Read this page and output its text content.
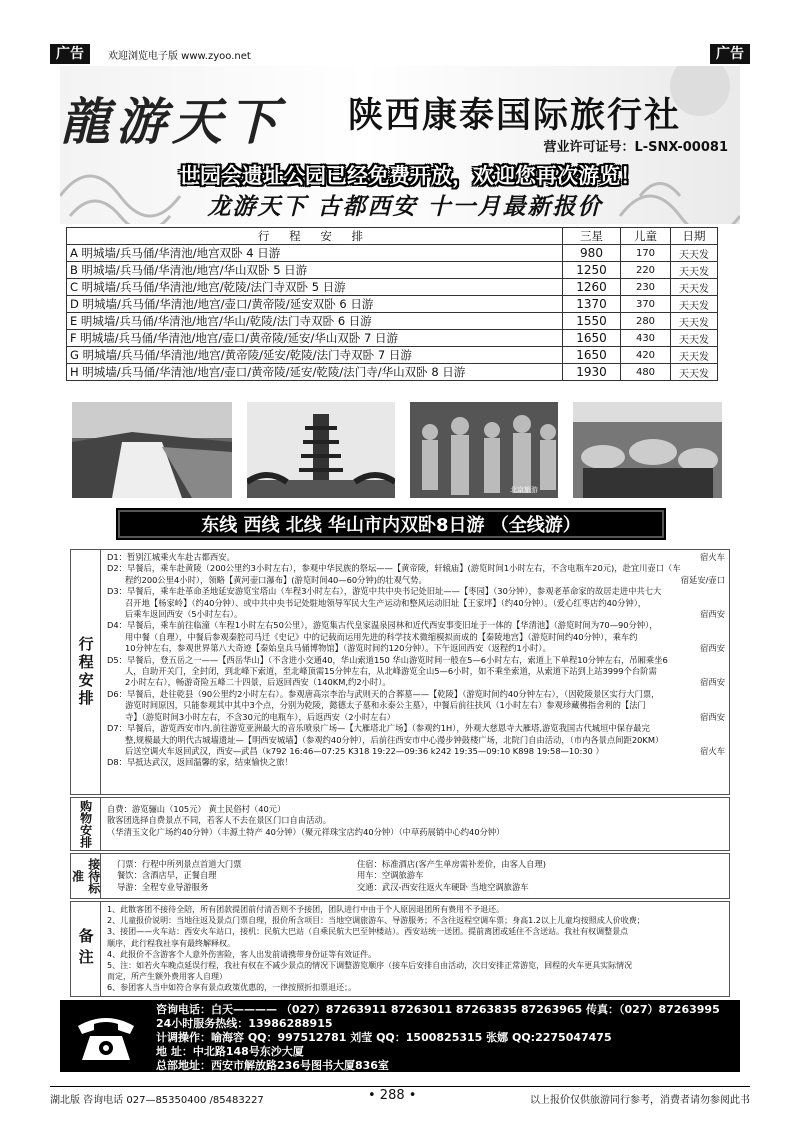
广告	欢迎浏览电子版 www.zyoo.net	广告
龍游天下 陕西康泰国际旅行社
营业许可证号：L-SNX-00081
世园会遗址公园已经免费开放，欢迎您再次游览！
龙游天下 古都西安 十一月最新报价
行 程 安 排	三星	儿童	日期
A 明城墙/兵马俑/华清池/地宫双卧 4 日游	980	170	天天发
B 明城墙/兵马俑/华清池/地宫/华山双卧 5 日游	1250	220	天天发
C 明城墙/兵马俑/华清池/地宫/乾陵/法门寺双卧 5 日游	1260	230	天天发
D 明城墙/兵马俑/华清池/地宫/壶口/黄帝陵/延安双卧 6 日游	1370	370	天天发
E 明城墙/兵马俑/华清池/地宫/华山/乾陵/法门寺双卧 6 日游	1550	280	天天发
F 明城墙/兵马俑/华清池/地宫/壶口/黄帝陵/延安/华山双卧 7 日游	1650	430	天天发
G 明城墙/兵马俑/华清池/地宫/黄帝陵/延安/乾陵/法门寺双卧 7 日游	1650	420	天天发
H 明城墙/兵马俑/华清池/地宫/壶口/黄帝陵/延安/乾陵/法门寺/华山双卧 8 日游	1930	480	天天发
北京旅游
东线 西线 北线 华山市内双卧8日游 （全线游）
行程安排

D1：暂别江城乘火车赴古都西安。	宿火车

D2：早餐后，乘车赴黄陵（200公里约3小时左右），参观中华民族的祭坛——【黄帝陵，轩辕庙】(游览时间1小时左右，不含电瓶车20元)，赴宜川壶口（车

程约200公里4小时），领略【黄河壶口瀑布】(游览时间40—60分钟)的壮观气势。	宿延安/壶口

D3：早餐后，乘车赴革命圣地延安游览宝塔山（车程3小时左右），游览中共中央书记处旧址——【枣园】（30分钟），参观老革命家的故居走进中共七大

召开地【杨家岭】（约40分钟）、或中共中央书记处駐地领导军民大生产运动和整风运动旧址【王家坪】（约40分钟）。（爱心红枣店约40分钟），

后乘车返回西安（5小时左右）。	宿西安

D4：早餐后，乘车前往临潼（车程1小时左右50公里），游览集古代皇家温泉园林和近代西安事变旧址于一体的【华清池】（游览时间为70—90分钟），

用中餐（自理），中餐后参观秦腔司马迁《史记》中的记载而运用先进的科学技术微缩模拟而成的【秦陵地宫】（游览时间约40分钟），乘车约

10分钟左右，参观世界第八大奇迹【秦始皇兵马俑博物馆】（游览时间约120分钟）。下午返回西安（返程约1小时）。	宿西安

D5：早餐后，登五岳之一——【西岳华山】（不含进小交通40，华山索道150 华山游览时间一般在5—6小时左右，索道上下单程10分钟左右，吊厢乘坐6

人，自助开关门，全封闭，到北峰下索道，至北峰顶需15分钟左右，从北峰游览全山5—6小时，如不乘坐索道，从索道下站到上站3999个台阶需

2小时左右），畅游奇险五峰二十四景，后返回西安（140KM,约2小时）。	宿西安

D6：早餐后，赴往乾县（90公里约2小时左右）。参观唐高宗李治与武则天的合葬墓——【乾陵】（游览时间约40分钟左右），（因乾陵景区实行大门票，

游览时间原因，只能参观其中其中3个点，分别为乾陵，懿德太子墓和永泰公主墓），中餐后前往扶风（1小时左右）参观珍藏佛指舍利的【法门

寺】（游览时间3小时左右，不含30元的电瓶车），后返西安（2小时左右）	宿西安

D7：早餐后，游览西安市内,前往游览亚洲最大的音乐喷泉广场—【大雁塔北广场】（参观约1H），外观大慈恩寺大雁塔,游览我国古代城垣中保存最完

整,规模最大的明代古城墙遗址—【明西安城墙】（参观约40分钟），后前往西安市中心漫步钟鼓楼广场，北院门自由活动，（市内各景点间距20KM）

后送空调火车返回武汉，西安—武昌（k792 16:46—07:25 K318 19:22—09:36 k242 19:35—09:10 K898 19:58—10:30 ）	宿火车

D8：早抵达武汉，返回温馨的家，结束愉快之旅！

购物安排 自费：游览骊山（105元） 黄土民俗村（40元）

散客团选择自费景点不同，若客人不去在景区门口自由活动。

（华清玉文化广场约40分钟）（丰源土特产 40分钟）（聚元祥珠宝店约40分钟）（中草药展销中心约40分钟）

接待标准

门票：行程中所列景点首道大门票

餐饮：含酒店早，正餐自理

导游：全程专业导游服务

住宿：标准酒店(客产生单房需补差价，由客人自理)

用车：空调旅游车

交通：武汉-西安往返火车硬卧 当地空调旅游车

备注

1、此散客团不接待全陪，所有团款提团前付清否则不予接团，团队进行中由于个人原因退团所有费用不予退还。

2、儿童报价说明：当地往返及景点门票自理，报价所含项目：当地空调旅游车、导游服务；不含往返程空调车票；身高1.2以上儿童均按照成人价收费；

3、接团——火车站：西安火车站口，接机：民航大巴站（自乘民航大巴至钟楼站）。西安站统一送团。提前离团或延住不含送站。我社有权调整景点

顺序，此行程我社享有最终解释权。

4、此报价不含游客个人意外伤害险，客人出发前请携带身份证等有效证件。

5、注：如若火车晚点延误行程，我社有权在不减少景点的情况下调整游览顺序（接车后安排自由活动，次日安排正常游览，回程的火车更具实际情况

而定，所产生额外费用客人自理）

6、参团客人当中如符合享有景点政策优惠的，一律按照折扣票退还；。

咨询电话：白天———— （027）87263911 87263011 87263835 87263965 传真：（027）87263995

24小时服务热线：13986288915

计调操作：喻海容 QQ：997512781 刘莹 QQ：1500825315 张娜 QQ:2275047475

地 址：中北路148号东沙大厦

总部地址：西安市解放路236号图书大厦836室

湖北版 咨询电话 027—85350400 /85483227	• 288 •	以上报价仅供旅游同行参考，消费者请勿参阅此书
